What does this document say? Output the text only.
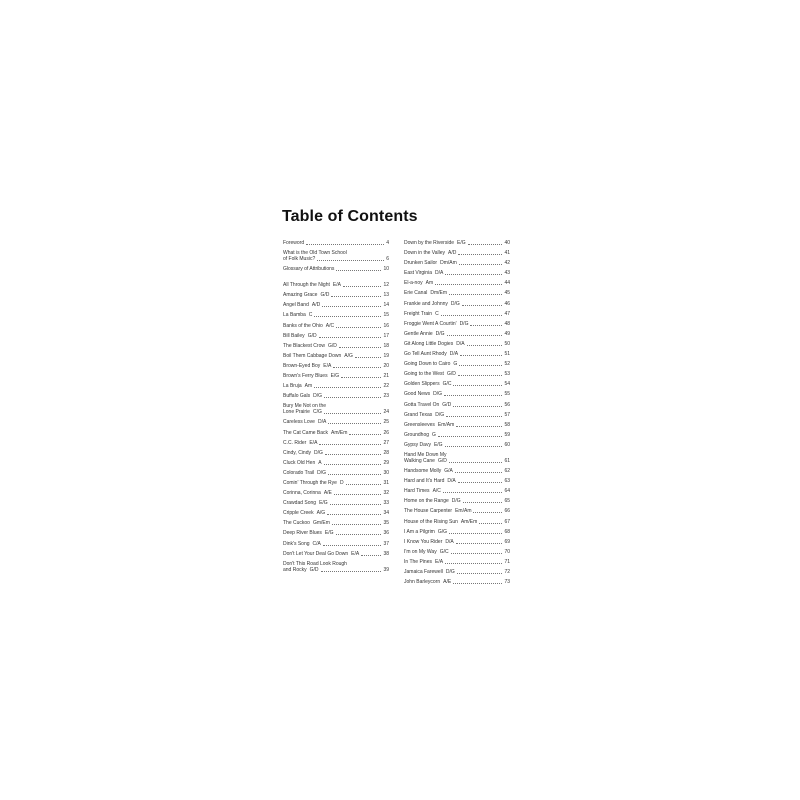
Table of Contents
Foreword	4
What is the Old Town School
of Folk Music?	6
Glossary of Attributions	10
All Through the Night E/A	12
Amazing Grace G/D	13
Angel Band A/D	14
La Bamba C	15
Banks of the Ohio A/C	16
Bill Bailey G/D	17
The Blackest Crow G/D	18
Boil Them Cabbage Down A/G	19
Brown-Eyed Boy E/A	20
Brown's Ferry Blues E/G	21
La Bruja Am	22
Buffalo Gals D/G	23
Bury Me Not on the
Lone Prairie C/G	24
Careless Love D/A	25
The Cat Came Back Am/Em	26
C.C. Rider E/A	27
Cindy, Cindy D/G	28
Cluck Old Hen A	29
Colorado Trail D/G	30
Comin' Through the Rye D	31
Corinna, Corinna A/E	32
Crawdad Song E/G	33
Cripple Creek A/G	34
The Cuckoo Gm/Em	35
Deep River Blues E/G	36
Dink's Song C/A	37
Don't Let Your Deal Go Down E/A	38
Don't This Road Look Rough
and Rocky G/D	39
Down by the Riverside E/G	40
Down in the Valley A/D	41
Drunken Sailor Dm/Am	42
East Virginia D/A	43
El-a-noy Am	44
Erie Canal Dm/Em	45
Frankie and Johnny D/G	46
Freight Train C	47
Froggie Went A Courtin' D/G	48
Gentle Annie D/G	49
Git Along Little Dogies D/A	50
Go Tell Aunt Rhody D/A	51
Going Down to Cairo G	52
Going to the West G/D	53
Golden Slippers G/C	54
Good News D/G	55
Gotta Travel On G/D	56
Grand Texas D/G	57
Greensleeves Em/Am	58
Groundhog G	59
Gypsy Davy E/G	60
Hand Me Down My
Walking Cane G/D	61
Handsome Molly G/A	62
Hard and It's Hard D/A	63
Hard Times A/C	64
Home on the Range D/G	65
The House Carpenter Em/Am	66
House of the Rising Sun Am/Em	67
I Am a Pilgrim G/G	68
I Know You Rider D/A	69
I'm on My Way G/C	70
In The Pines E/A	71
Jamaica Farewell D/G	72
John Barleycorn A/E	73
